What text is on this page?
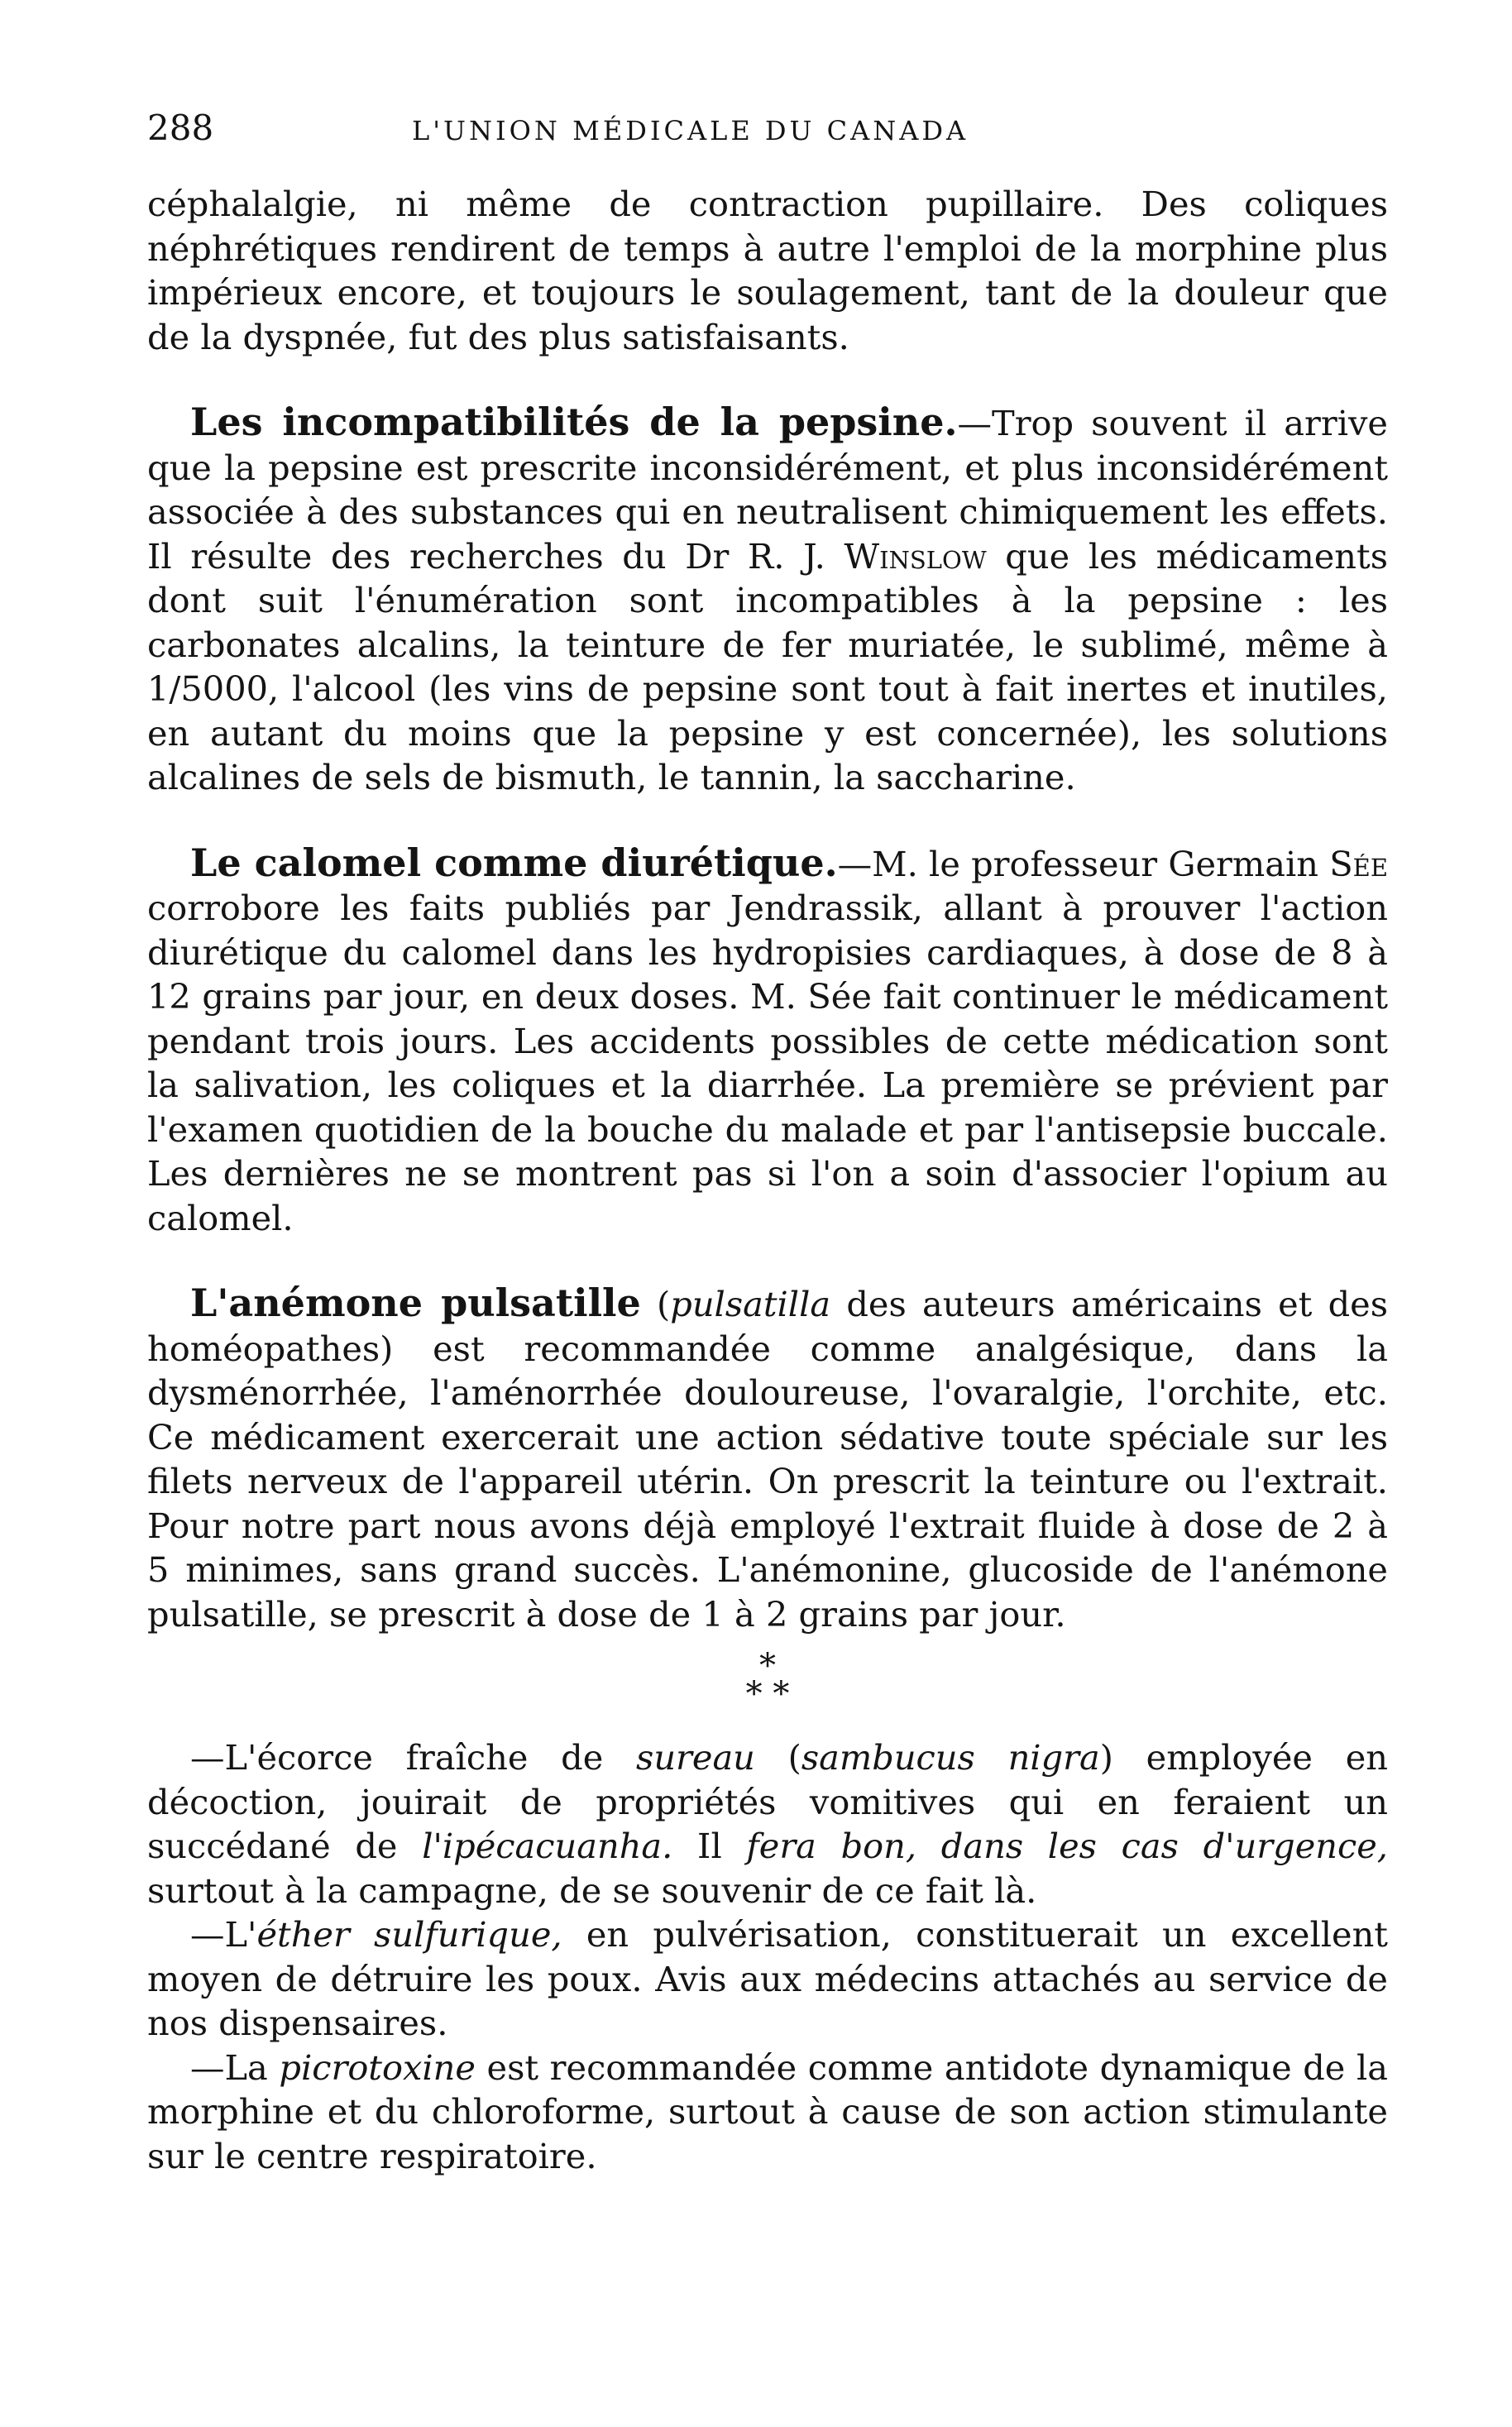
288	L'UNION MÉDICALE DU CANADA

céphalalgie, ni même de contraction pupillaire. Des coliques néphrétiques rendirent de temps à autre l'emploi de la morphine plus impérieux encore, et toujours le soulagement, tant de la douleur que de la dyspnée, fut des plus satisfaisants.

Les incompatibilités de la pepsine.—Trop souvent il arrive que la pepsine est prescrite inconsidérément, et plus inconsidérément associée à des substances qui en neutralisent chimiquement les effets. Il résulte des recherches du Dr R. J. Winslow que les médicaments dont suit l'énumération sont incompatibles à la pepsine : les carbonates alcalins, la teinture de fer muriatée, le sublimé, même à 1/5000, l'alcool (les vins de pepsine sont tout à fait inertes et inutiles, en autant du moins que la pepsine y est concernée), les solutions alcalines de sels de bismuth, le tannin, la saccharine.

Le calomel comme diurétique.—M. le professeur Germain Sée corrobore les faits publiés par Jendrassik, allant à prouver l'action diurétique du calomel dans les hydropisies cardiaques, à dose de 8 à 12 grains par jour, en deux doses. M. Sée fait continuer le médicament pendant trois jours. Les accidents possibles de cette médication sont la salivation, les coliques et la diarrhée. La première se prévient par l'examen quotidien de la bouche du malade et par l'antisepsie buccale. Les dernières ne se montrent pas si l'on a soin d'associer l'opium au calomel.

L'anémone pulsatille (pulsatilla des auteurs américains et des homéopathes) est recommandée comme analgésique, dans la dysménorrhée, l'aménorrhée douloureuse, l'ovaralgie, l'orchite, etc. Ce médicament exercerait une action sédative toute spéciale sur les filets nerveux de l'appareil utérin. On prescrit la teinture ou l'extrait. Pour notre part nous avons déjà employé l'extrait fluide à dose de 2 à 5 minimes, sans grand succès. L'anémonine, glucoside de l'anémone pulsatille, se prescrit à dose de 1 à 2 grains par jour.

*
* *

—L'écorce fraîche de sureau (sambucus nigra) employée en décoction, jouirait de propriétés vomitives qui en feraient un succédané de l'ipécacuanha. Il fera bon, dans les cas d'urgence, surtout à la campagne, de se souvenir de ce fait là.

—L'éther sulfurique, en pulvérisation, constituerait un excellent moyen de détruire les poux. Avis aux médecins attachés au service de nos dispensaires.

—La picrotoxine est recommandée comme antidote dynamique de la morphine et du chloroforme, surtout à cause de son action stimulante sur le centre respiratoire.
